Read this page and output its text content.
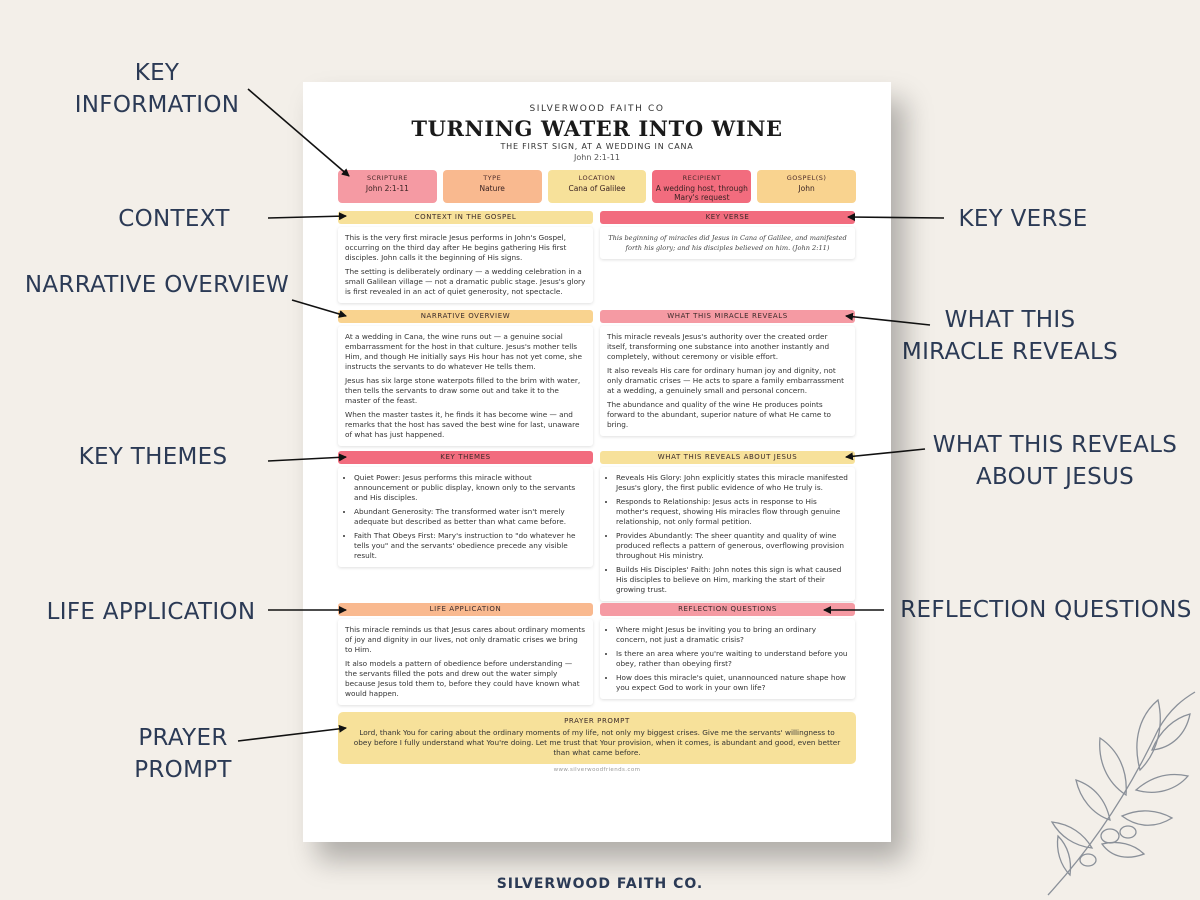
KEY
INFORMATION
CONTEXT
NARRATIVE OVERVIEW
KEY THEMES
LIFE APPLICATION
PRAYER
PROMPT
KEY VERSE
WHAT THIS
MIRACLE REVEALS
WHAT THIS REVEALS
ABOUT JESUS
REFLECTION QUESTIONS
SILVERWOOD FAITH CO
TURNING WATER INTO WINE
THE FIRST SIGN, AT A WEDDING IN CANA
John 2:1-11
SCRIPTURE
John 2:1-11
TYPE
Nature
LOCATION
Cana of Galilee
RECIPIENT
A wedding host, through Mary's request
GOSPEL(S)
John
CONTEXT IN THE GOSPEL

This is the very first miracle Jesus performs in John's Gospel, occurring on the third day after He begins gathering His first disciples. John calls it the beginning of His signs.

The setting is deliberately ordinary — a wedding celebration in a small Galilean village — not a dramatic public stage. Jesus's glory is first revealed in an act of quiet generosity, not spectacle.

KEY VERSE

This beginning of miracles did Jesus in Cana of Galilee, and manifested forth his glory; and his disciples believed on him. (John 2:11)

NARRATIVE OVERVIEW

At a wedding in Cana, the wine runs out — a genuine social embarrassment for the host in that culture. Jesus's mother tells Him, and though He initially says His hour has not yet come, she instructs the servants to do whatever He tells them.

Jesus has six large stone waterpots filled to the brim with water, then tells the servants to draw some out and take it to the master of the feast.

When the master tastes it, he finds it has become wine — and remarks that the host has saved the best wine for last, unaware of what has just happened.

WHAT THIS MIRACLE REVEALS

This miracle reveals Jesus's authority over the created order itself, transforming one substance into another instantly and completely, without ceremony or visible effort.

It also reveals His care for ordinary human joy and dignity, not only dramatic crises — He acts to spare a family embarrassment at a wedding, a genuinely small and personal concern.

The abundance and quality of the wine He produces points forward to the abundant, superior nature of what He came to bring.

KEY THEMES
• Quiet Power: Jesus performs this miracle without announcement or public display, known only to the servants and His disciples.
• Abundant Generosity: The transformed water isn't merely adequate but described as better than what came before.
• Faith That Obeys First: Mary's instruction to "do whatever he tells you" and the servants' obedience precede any visible result.
WHAT THIS REVEALS ABOUT JESUS
• Reveals His Glory: John explicitly states this miracle manifested Jesus's glory, the first public evidence of who He truly is.
• Responds to Relationship: Jesus acts in response to His mother's request, showing His miracles flow through genuine relationship, not only formal petition.
• Provides Abundantly: The sheer quantity and quality of wine produced reflects a pattern of generous, overflowing provision throughout His ministry.
• Builds His Disciples' Faith: John notes this sign is what caused His disciples to believe on Him, marking the start of their growing trust.
LIFE APPLICATION

This miracle reminds us that Jesus cares about ordinary moments of joy and dignity in our lives, not only dramatic crises we bring to Him.

It also models a pattern of obedience before understanding — the servants filled the pots and drew out the water simply because Jesus told them to, before they could have known what would happen.

REFLECTION QUESTIONS
• Where might Jesus be inviting you to bring an ordinary concern, not just a dramatic crisis?
• Is there an area where you're waiting to understand before you obey, rather than obeying first?
• How does this miracle's quiet, unannounced nature shape how you expect God to work in your own life?
PRAYER PROMPT
Lord, thank You for caring about the ordinary moments of my life, not only my biggest crises. Give me the servants' willingness to obey before I fully understand what You're doing. Let me trust that Your provision, when it comes, is abundant and good, even better than what came before.
www.silverwoodfriends.com
SILVERWOOD FAITH CO.
